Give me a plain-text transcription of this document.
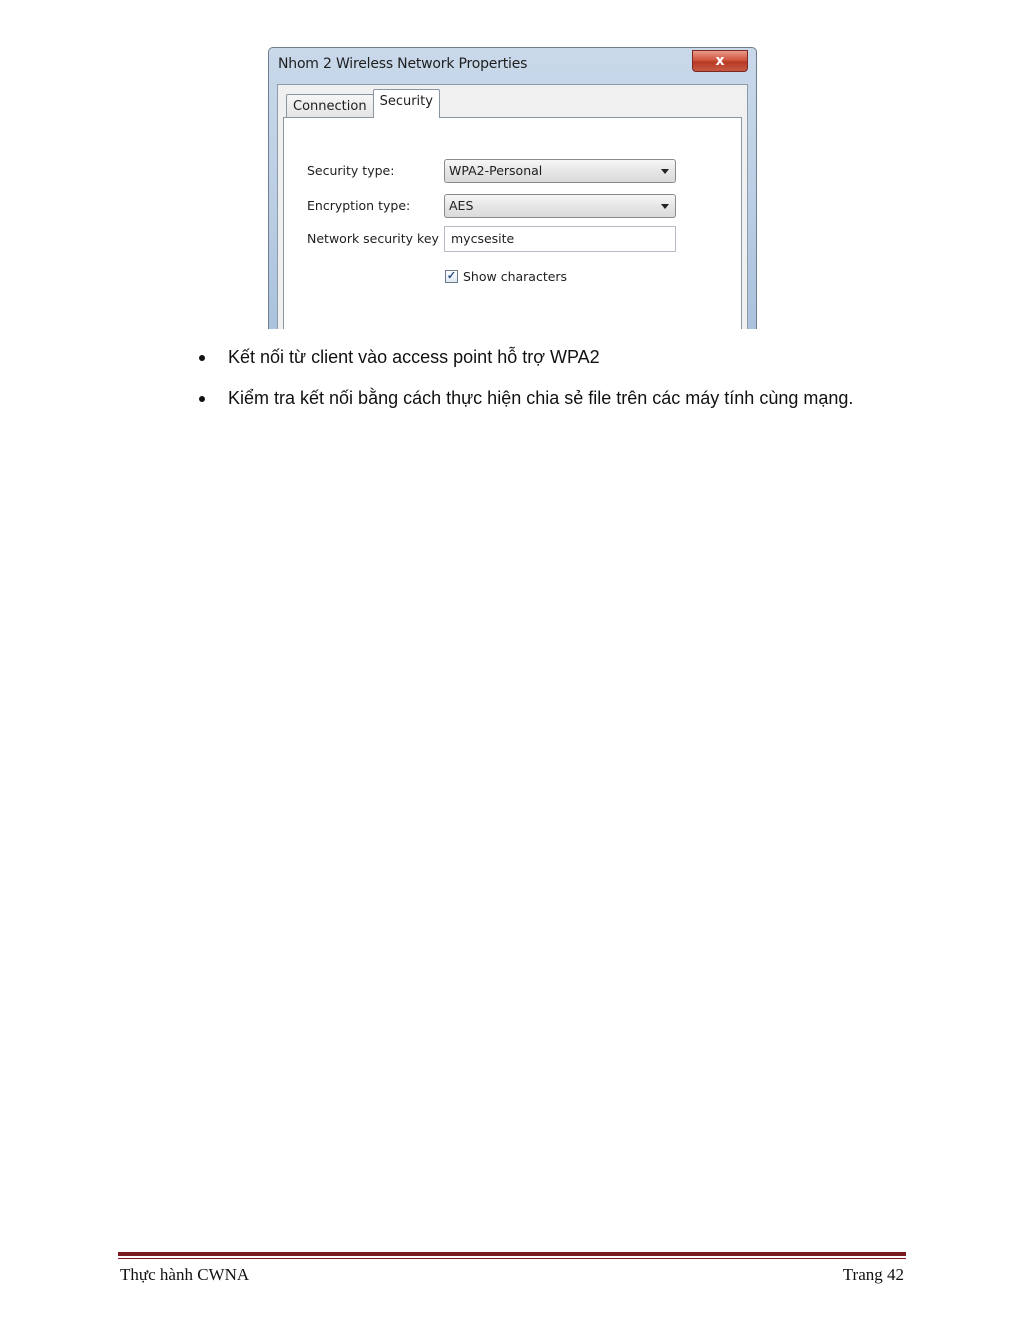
Nhom 2 Wireless Network Properties	x
Connection	Security
Security type:	WPA2-Personal
Encryption type:	AES
Network security key mycsesite
✓ Show characters
Kết nối từ client vào access point hỗ trợ WPA2
Kiểm tra kết nối bằng cách thực hiện chia sẻ file trên các máy tính cùng mạng.
Thực hành CWNA	Trang 42
